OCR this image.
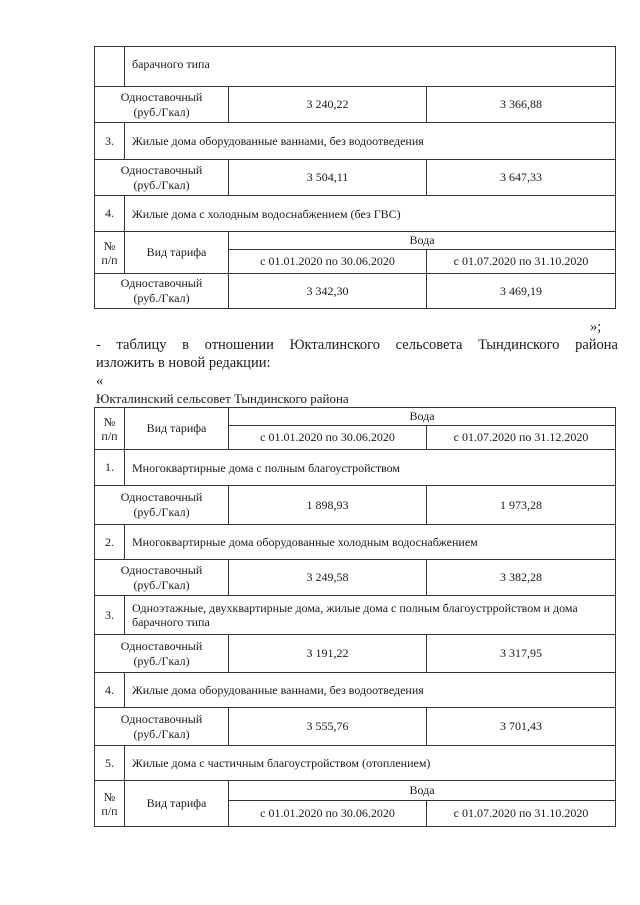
барачного типа
Одноставочный
(руб./Гкал)
3 240,22	3 366,88
3.	Жилые дома оборудованные ваннами, без водоотведения
Одноставочный
(руб./Гкал)
3 504,11	3 647,33
4.	Жилые дома с холодным водоснабжением (без ГВС)
№
п/п
Вид тарифа
Вода
с 01.01.2020 по 30.06.2020	с 01.07.2020 по 31.10.2020
Одноставочный
(руб./Гкал)
3 342,30	3 469,19
»;
- таблицу в отношении Юкталинского сельсовета Тындинского района
изложить в новой редакции:
«
Юкталинский сельсовет Тындинского района
№
п/п
Вид тарифа
Вода
с 01.01.2020 по 30.06.2020	с 01.07.2020 по 31.12.2020
1.	Многоквартирные дома с полным благоустройством
Одноставочный
(руб./Гкал)
1 898,93	1 973,28
2.	Многоквартирные дома оборудованные холодным водоснабжением
Одноставочный
(руб./Гкал)
3 249,58	3 382,28
3.	Одноэтажные, двухквартирные дома, жилые дома с полным благоустрройством и дома
барачного типа
Одноставочный
(руб./Гкал)
3 191,22	3 317,95
4.	Жилые дома оборудованные ваннами, без водоотведения
Одноставочный
(руб./Гкал)
3 555,76	3 701,43
5.	Жилые дома с частичным благоустройством (отоплением)
№
п/п
Вид тарифа
Вода
с 01.01.2020 по 30.06.2020	с 01.07.2020 по 31.10.2020
